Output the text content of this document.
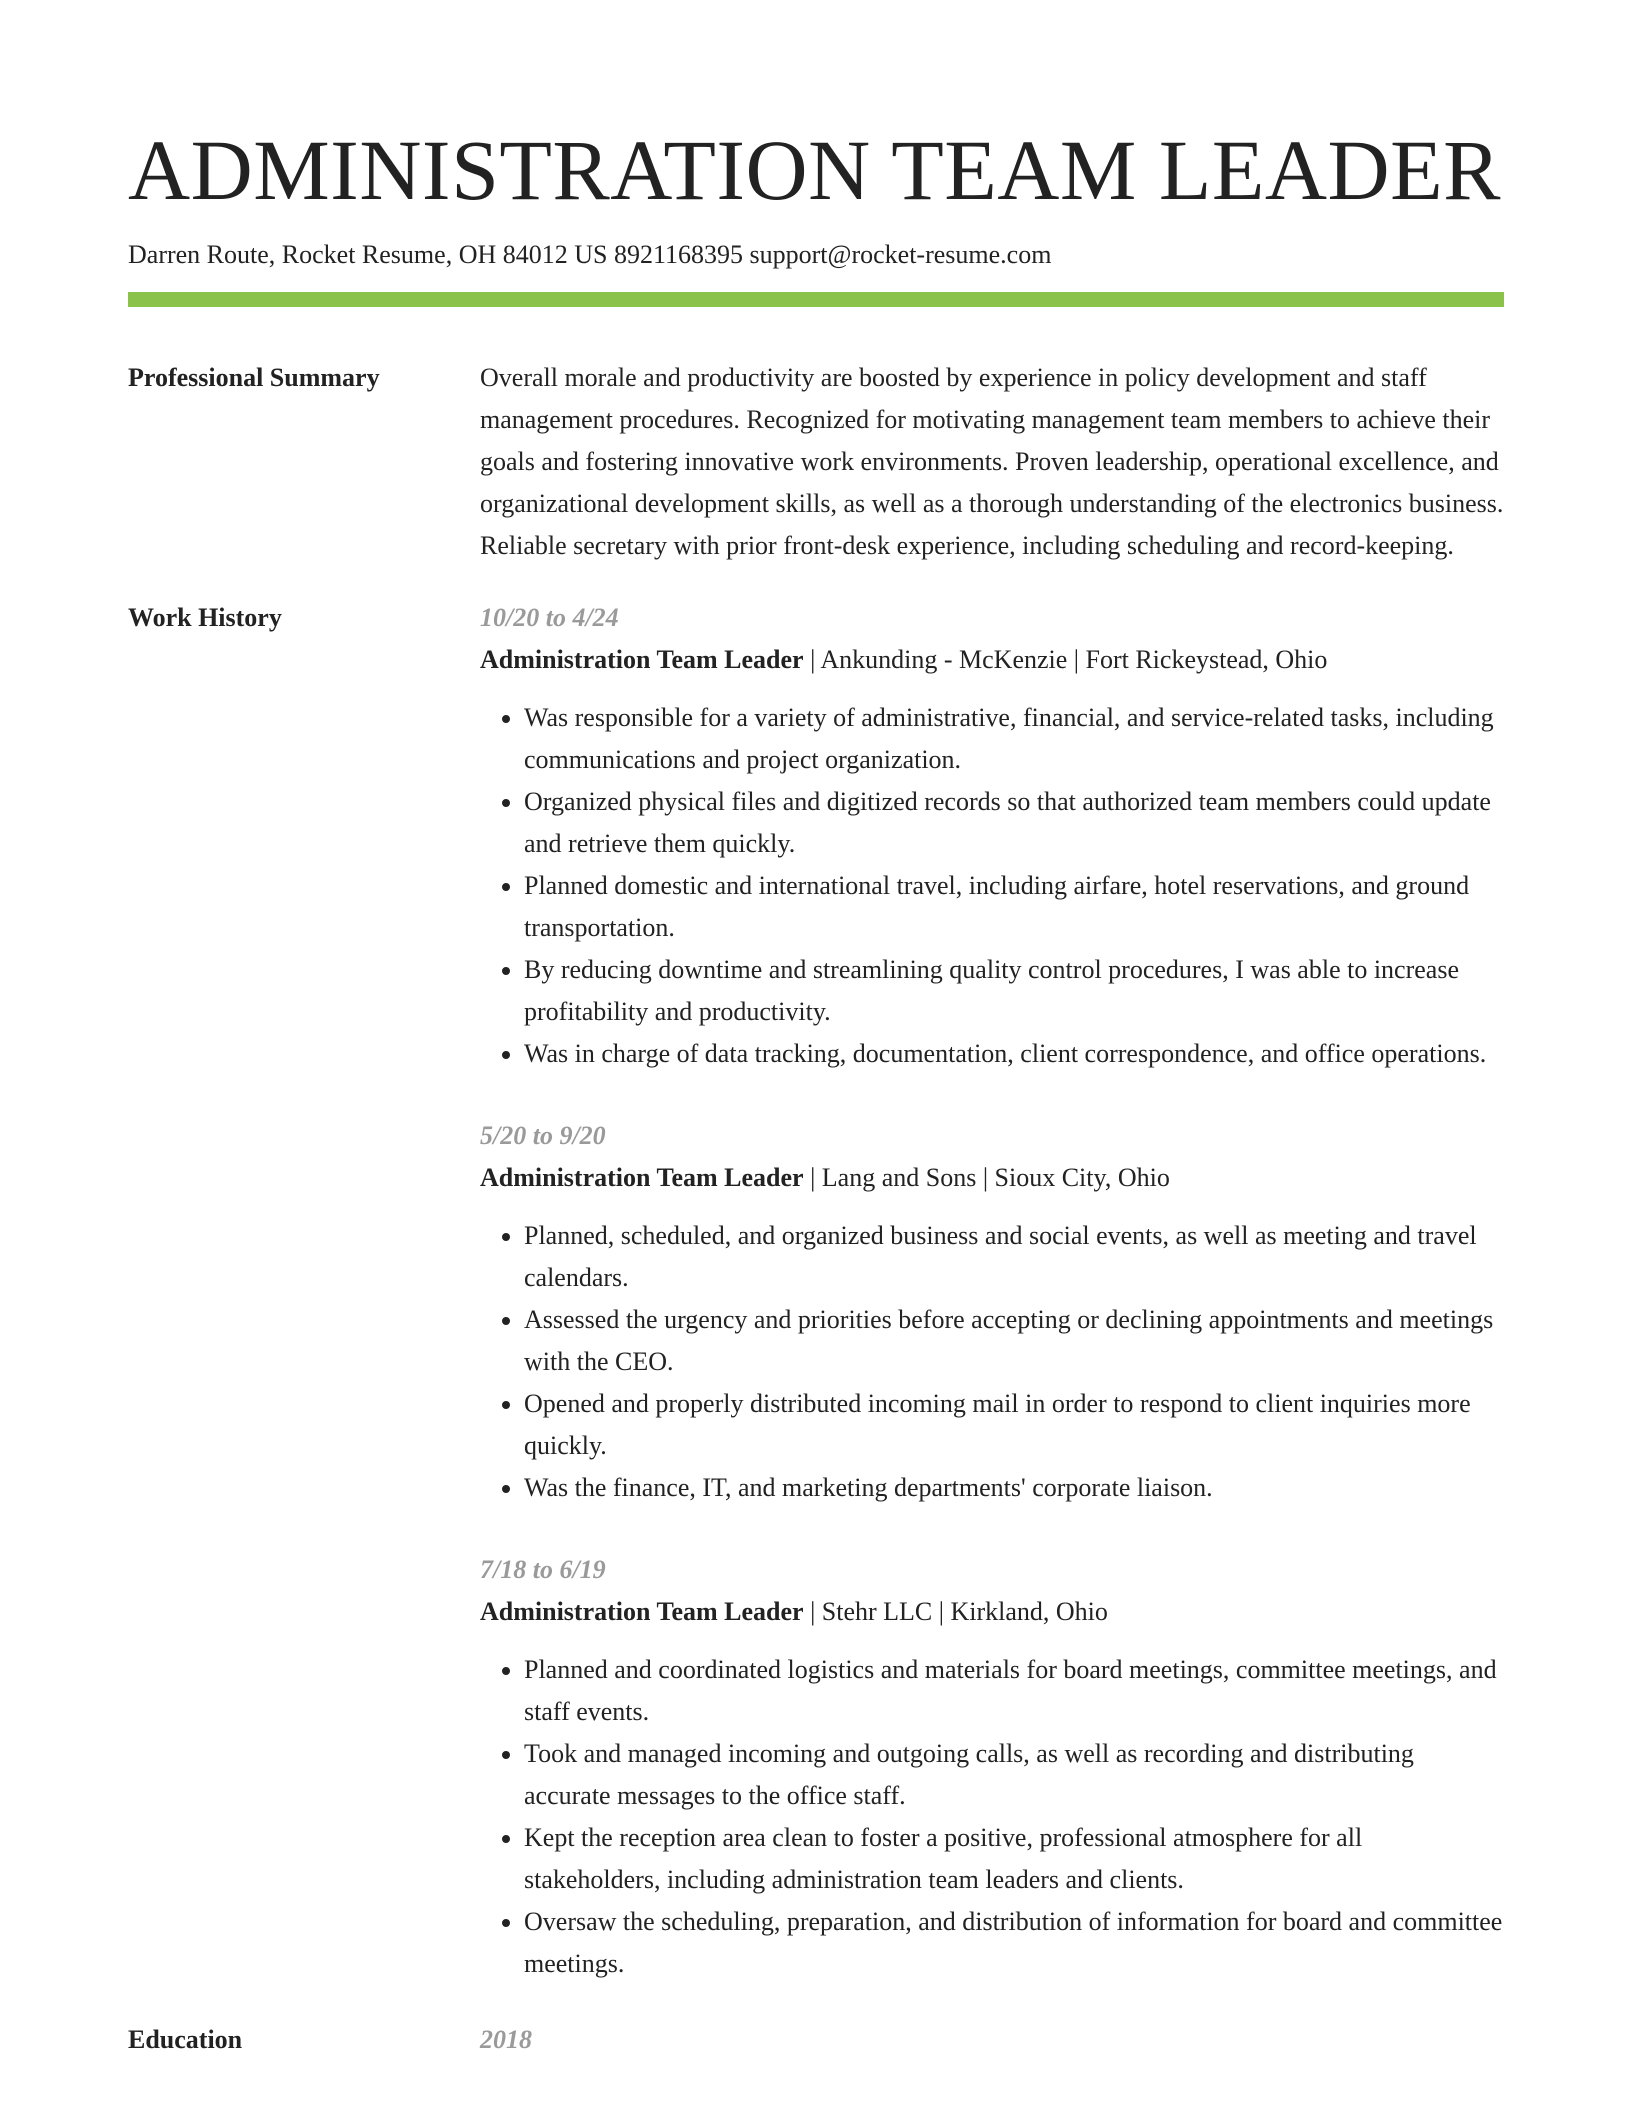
ADMINISTRATION TEAM LEADER
Darren Route, Rocket Resume, OH 84012 US 8921168395 support@rocket-resume.com
Professional Summary	Overall morale and productivity are boosted by experience in policy development and staff management procedures. Recognized for motivating management team members to achieve their goals and fostering innovative work environments. Proven leadership, operational excellence, and organizational development skills, as well as a thorough understanding of the electronics business. Reliable secretary with prior front-desk experience, including scheduling and record-keeping.
Work History	10/20 to 4/24

Administration Team Leader | Ankunding - McKenzie | Fort Rickeystead, Ohio

• Was responsible for a variety of administrative, financial, and service-related tasks, including communications and project organization.
• Organized physical files and digitized records so that authorized team members could update and retrieve them quickly.
• Planned domestic and international travel, including airfare, hotel reservations, and ground transportation.
• By reducing downtime and streamlining quality control procedures, I was able to increase profitability and productivity.
• Was in charge of data tracking, documentation, client correspondence, and office operations.
5/20 to 9/20

Administration Team Leader | Lang and Sons | Sioux City, Ohio

• Planned, scheduled, and organized business and social events, as well as meeting and travel calendars.
• Assessed the urgency and priorities before accepting or declining appointments and meetings with the CEO.
• Opened and properly distributed incoming mail in order to respond to client inquiries more quickly.
• Was the finance, IT, and marketing departments' corporate liaison.
7/18 to 6/19

Administration Team Leader | Stehr LLC | Kirkland, Ohio

• Planned and coordinated logistics and materials for board meetings, committee meetings, and staff events.
• Took and managed incoming and outgoing calls, as well as recording and distributing accurate messages to the office staff.
• Kept the reception area clean to foster a positive, professional atmosphere for all stakeholders, including administration team leaders and clients.
• Oversaw the scheduling, preparation, and distribution of information for board and committee meetings.
Education	2018
